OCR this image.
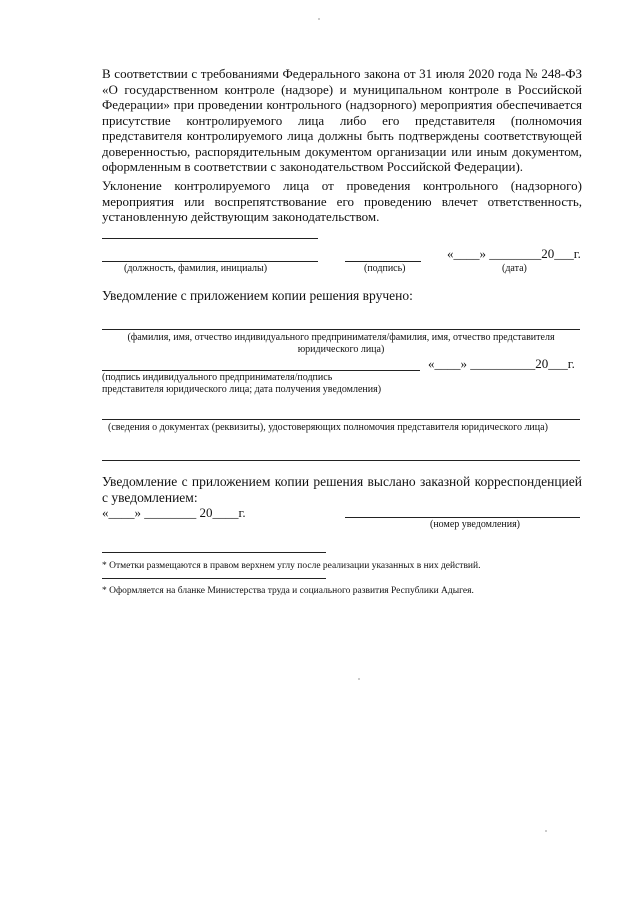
В соответствии с требованиями Федерального закона от 31 июля 2020 года № 248-ФЗ «О государственном контроле (надзоре) и муниципальном контроле в Российской Федерации» при проведении контрольного (надзорного) мероприятия обеспечивается присутствие контролируемого лица либо его представителя (полномочия представителя контролируемого лица должны быть подтверждены соответствующей доверенностью, распорядительным документом организации или иным документом, оформленным в соответствии с законодательством Российской Федерации).

Уклонение контролируемого лица от проведения контрольного (надзорного) мероприятия или воспрепятствование его проведению влечет ответственность, установленную действующим законодательством.

«____» ________20___г.
(должность, фамилия, инициалы)	(подпись)	(дата)
Уведомление с приложением копии решения вручено:
(фамилия, имя, отчество индивидуального предпринимателя/фамилия, имя, отчество представителя юридического лица)
«____» __________20___г.
(подпись индивидуального предпринимателя/подпись
представителя юридического лица; дата получения уведомления)
(сведения о документах (реквизиты), удостоверяющих полномочия представителя юридического лица)

Уведомление с приложением копии решения выслано заказной корреспонденцией с уведомлением:

«____» ________ 20____г.
(номер уведомления)
* Отметки размещаются в правом верхнем углу после реализации указанных в них действий.
* Оформляется на бланке Министерства труда и социального развития Республики Адыгея.
